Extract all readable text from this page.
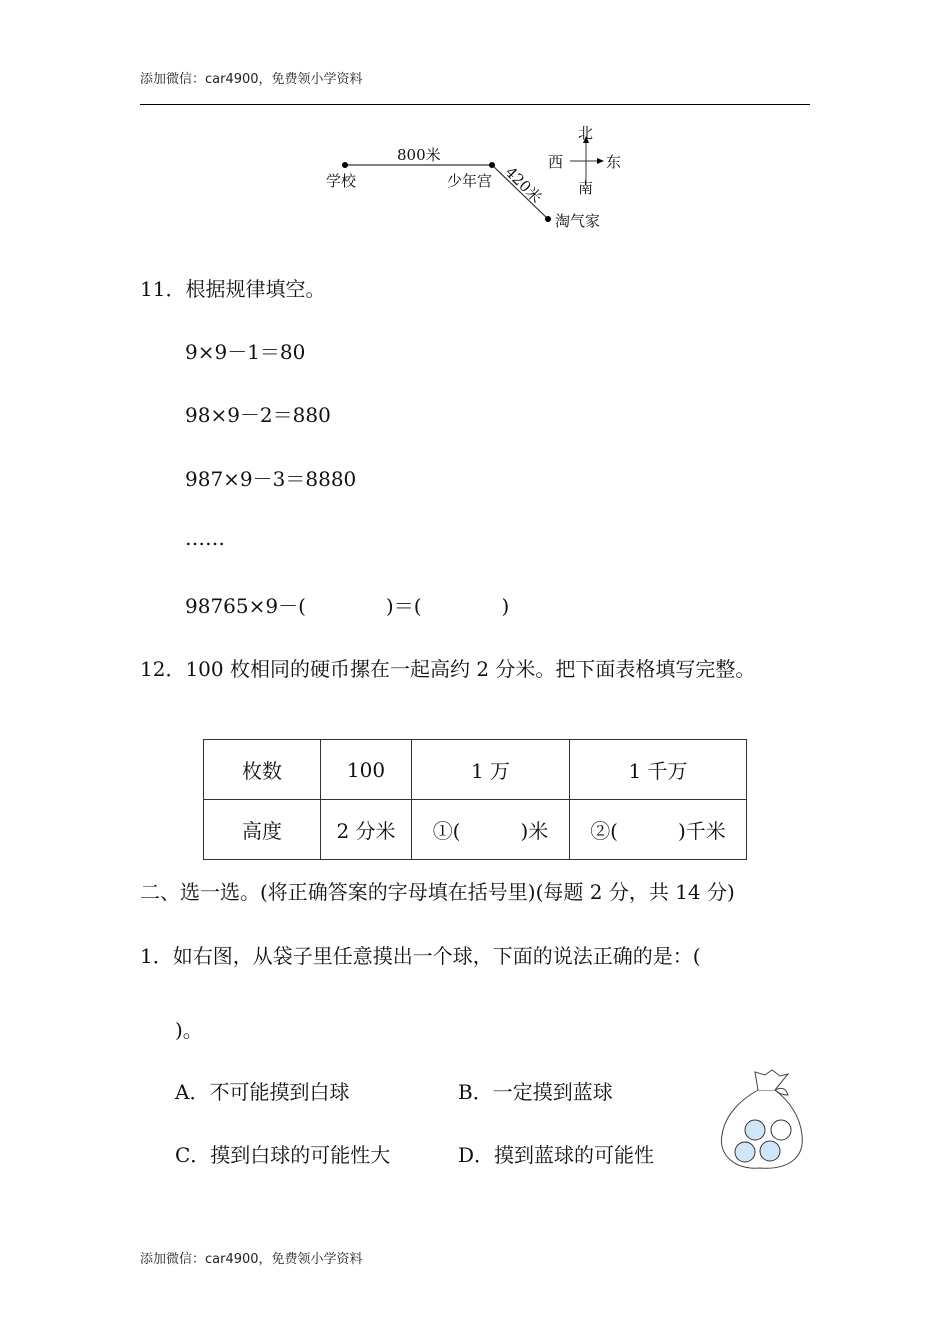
添加微信：car4900，免费领小学资料
学校	少年宫
淘气家
800米
420米
北
南
西	东
11．根据规律填空。
9×9－1＝80
98×9－2＝880
987×9－3＝8880
……
98765×9－(　　　　)＝(　　　　)
12．100 枚相同的硬币摞在一起高约 2 分米。把下面表格填写完整。
枚数	100	1 万	1 千万
高度	2 分米	①(　　　)米	②(　　　)千米
二、选一选。(将正确答案的字母填在括号里)(每题 2 分，共 14 分)
1．如右图，从袋子里任意摸出一个球，下面的说法正确的是：(
)。
A．不可能摸到白球	B．一定摸到蓝球
C．摸到白球的可能性大	D．摸到蓝球的可能性
添加微信：car4900，免费领小学资料
